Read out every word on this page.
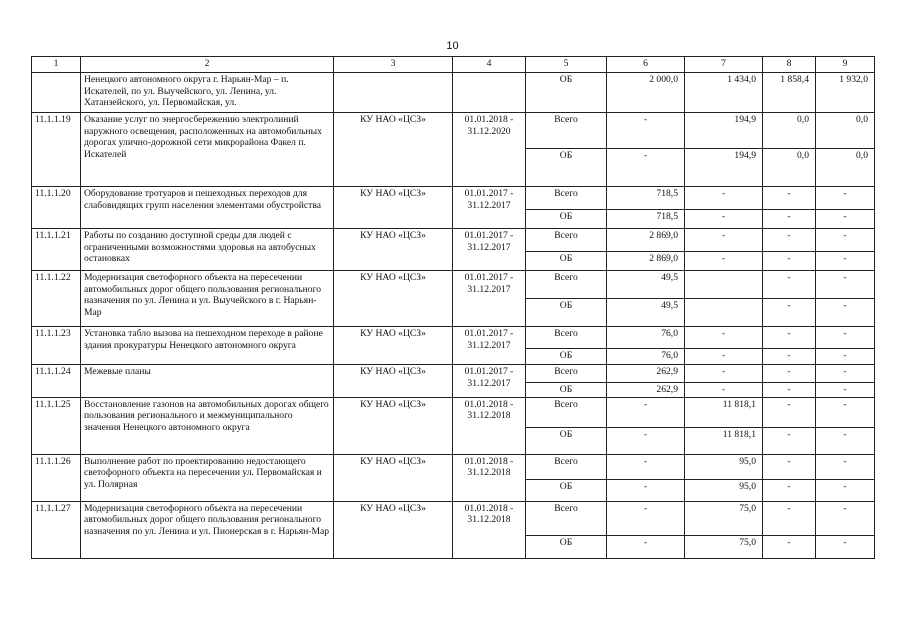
10
1	2	3	4	5	6	7	8	9
	Ненецкого автономного округа г. Нарьян-Мар – п. Искателей, по ул. Выучейского, ул. Ленина, ул. Хатанзейского, ул. Первомайская, ул.			ОБ	2 000,0	1 434,0	1 858,4	1 932,0
11.1.1.19	Оказание услуг по энергосбережению электролиний наружного освещения, расположенных на автомобильных дорогах улично-дорожной сети микрорайона Факел п. Искателей	КУ НАО «ЦСЗ»	01.01.2018 - 31.12.2020	Всего	-	194,9	0,0	0,0
				ОБ	-	194,9	0,0	0,0
11.1.1.20	Оборудование тротуаров и пешеходных переходов для слабовидящих групп населения элементами обустройства	КУ НАО «ЦСЗ»	01.01.2017 - 31.12.2017	Всего	718,5	-	-	-
				ОБ	718,5	-	-	-
11.1.1.21	Работы по созданию доступной среды для людей с ограниченными возможностями здоровья на автобусных остановках	КУ НАО «ЦСЗ»	01.01.2017 - 31.12.2017	Всего	2 869,0	-	-	-
				ОБ	2 869,0	-	-	-
11.1.1.22	Модернизация светофорного объекта на пересечении автомобильных дорог общего пользования регионального назначения по ул. Ленина и ул. Выучейского в г. Нарьян-Мар	КУ НАО «ЦСЗ»	01.01.2017 - 31.12.2017	Всего	49,5		-	-
				ОБ	49,5		-	-
11.1.1.23	Установка табло вызова на пешеходном переходе в районе здания прокуратуры Ненецкого автономного округа	КУ НАО «ЦСЗ»	01.01.2017 - 31.12.2017	Всего	76,0	-	-	-
				ОБ	76,0	-	-	-
11.1.1.24	Межевые планы	КУ НАО «ЦСЗ»	01.01.2017 - 31.12.2017	Всего	262,9	-	-	-
				ОБ	262,9	-	-	-
11.1.1.25	Восстановление газонов на автомобильных дорогах общего пользования регионального и межмуниципального значения Ненецкого автономного округа	КУ НАО «ЦСЗ»	01.01.2018 - 31.12.2018	Всего	-	11 818,1	-	-
				ОБ	-	11 818,1	-	-
11.1.1.26	Выполнение работ по проектированию недостающего светофорного объекта на пересечении ул. Первомайская и ул. Полярная	КУ НАО «ЦСЗ»	01.01.2018 - 31.12.2018	Всего	-	95,0	-	-
				ОБ	-	95,0	-	-
11.1.1.27	Модернизация светофорного объекта на пересечении автомобильных дорог общего пользования регионального назначения по ул. Ленина и ул. Пионерская в г. Нарьян-Мар	КУ НАО «ЦСЗ»	01.01.2018 - 31.12.2018	Всего	-	75,0	-	-
				ОБ	-	75,0	-	-
